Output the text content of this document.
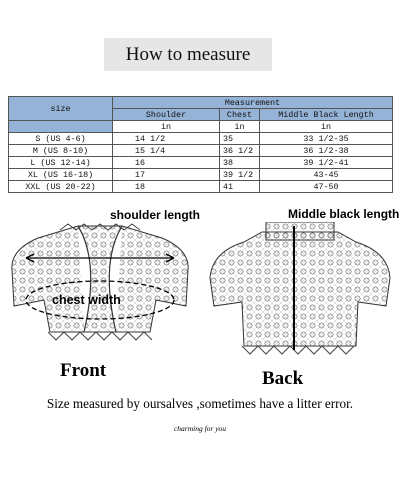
How to measure
size	Measurement		
	Shoulder	Chest	Middle Black Length
	in	in	in
S (US 4-6)	14 1/2	35	33 1/2-35
M (US 8-10)	15 1/4	36 1/2	36 1/2-38
L (US 12-14)	16	38	39 1/2-41
XL (US 16-18)	17	39 1/2	43-45
XXL (US 20-22)	18	41	47-50
shoulder length	Middle black length
chest width
Front	Back
Size measured by oursalves ,sometimes have a litter error.
charming for you
